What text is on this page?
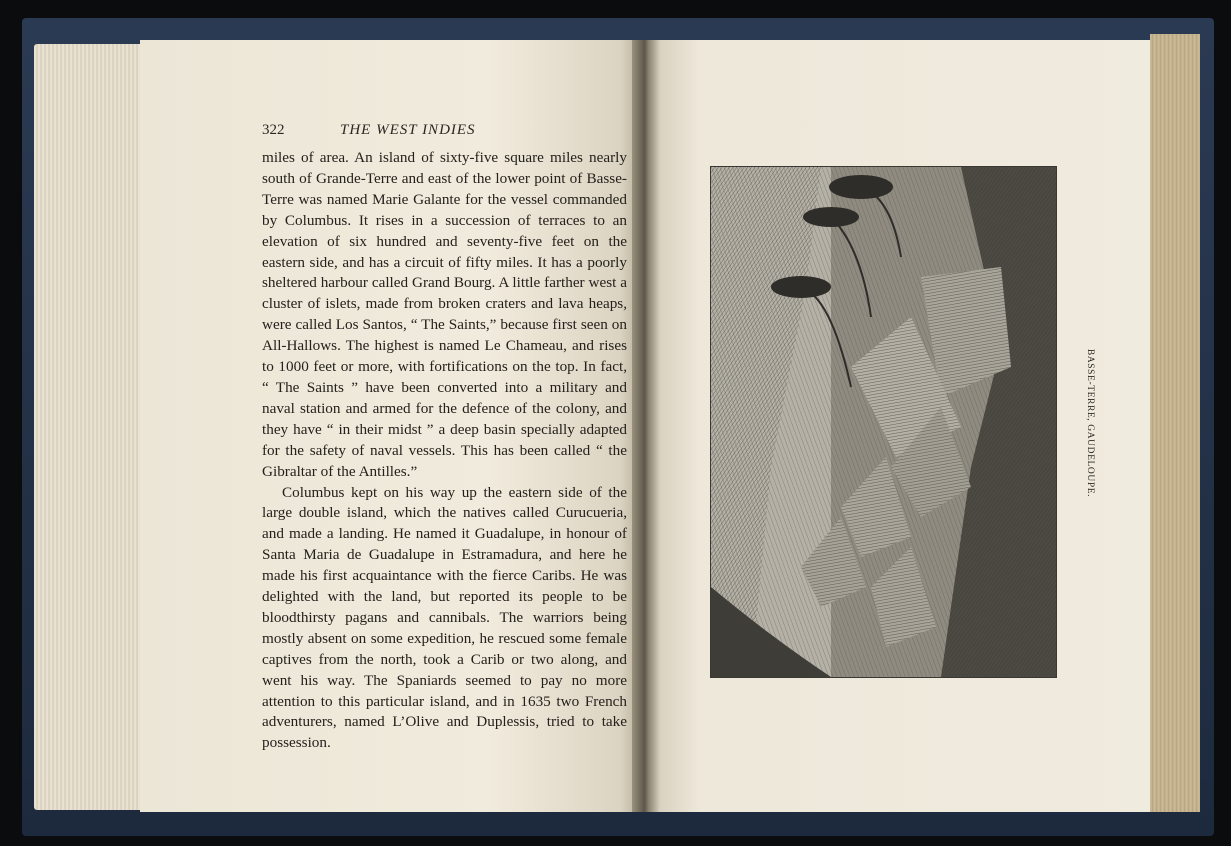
322	THE WEST INDIES

miles of area. An island of sixty-five square miles nearly south of Grande-Terre and east of the lower point of Basse-Terre was named Marie Galante for the vessel commanded by Columbus. It rises in a succession of terraces to an elevation of six hundred and seventy-five feet on the eastern side, and has a circuit of fifty miles. It has a poorly sheltered harbour called Grand Bourg. A little farther west a cluster of islets, made from broken craters and lava heaps, were called Los Santos, “ The Saints,” because first seen on All-Hallows. The highest is named Le Chameau, and rises to 1000 feet or more, with fortifications on the top. In fact, “ The Saints ” have been converted into a military and naval station and armed for the defence of the colony, and they have “ in their midst ” a deep basin specially adapted for the safety of naval vessels. This has been called “ the Gibraltar of the Antilles.”

Columbus kept on his way up the eastern side of the large double island, which the natives called Curucueria, and made a landing. He named it Guadalupe, in honour of Santa Maria de Guadalupe in Estramadura, and here he made his first acquaintance with the fierce Caribs. He was delighted with the land, but reported its people to be bloodthirsty pagans and cannibals. The warriors being mostly absent on some expedition, he rescued some female captives from the north, took a Carib or two along, and went his way. The Spaniards seemed to pay no more attention to this particular island, and in 1635 two French adventurers, named L’Olive and Duplessis, tried to take possession.

BASSE-TERRE, GAUDELOUPE.
